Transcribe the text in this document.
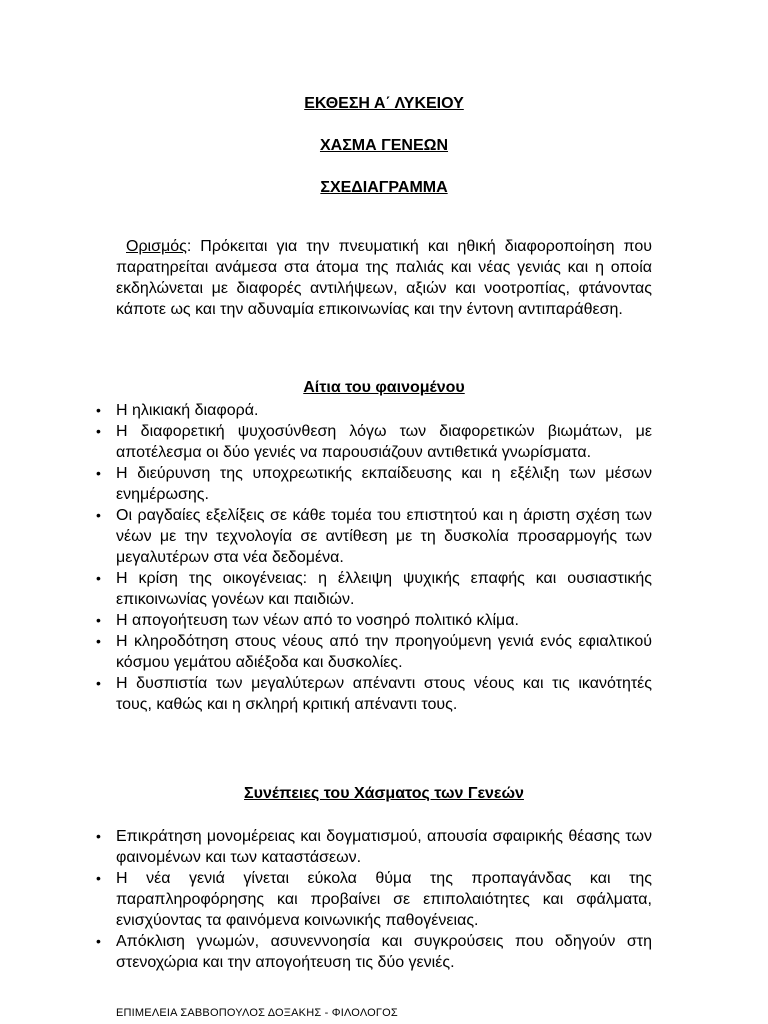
ΕΚΘΕΣΗ Α΄ ΛΥΚΕΙΟΥ
ΧΑΣΜΑ ΓΕΝΕΩΝ
ΣΧΕΔΙΑΓΡΑΜΜΑ

Ορισμός: Πρόκειται για την πνευματική και ηθική διαφοροποίηση που παρατηρείται ανάμεσα στα άτομα της παλιάς και νέας γενιάς και η οποία εκδηλώνεται με διαφορές αντιλήψεων, αξιών και νοοτροπίας, φτάνοντας κάποτε ως και την αδυναμία επικοινωνίας και την έντονη αντιπαράθεση.

Αίτια του φαινομένου
• Η ηλικιακή διαφορά.
• Η διαφορετική ψυχοσύνθεση λόγω των διαφορετικών βιωμάτων, με αποτέλεσμα οι δύο γενιές να παρουσιάζουν αντιθετικά γνωρίσματα.
• Η διεύρυνση της υποχρεωτικής εκπαίδευσης και η εξέλιξη των μέσων ενημέρωσης.
• Οι ραγδαίες εξελίξεις σε κάθε τομέα του επιστητού και η άριστη σχέση των νέων με την τεχνολογία σε αντίθεση με τη δυσκολία προσαρμογής των μεγαλυτέρων στα νέα δεδομένα.
• Η κρίση της οικογένειας: η έλλειψη ψυχικής επαφής και ουσιαστικής επικοινωνίας γονέων και παιδιών.
• Η απογοήτευση των νέων από το νοσηρό πολιτικό κλίμα.
• Η κληροδότηση στους νέους από την προηγούμενη γενιά ενός εφιαλτικού κόσμου γεμάτου αδιέξοδα και δυσκολίες.
• Η δυσπιστία των μεγαλύτερων απέναντι στους νέους και τις ικανότητές τους, καθώς και η σκληρή κριτική απέναντι τους.
Συνέπειες του Χάσματος των Γενεών
• Επικράτηση μονομέρειας και δογματισμού, απουσία σφαιρικής θέασης των φαινομένων και των καταστάσεων.
• Η νέα γενιά γίνεται εύκολα θύμα της προπαγάνδας και της παραπληροφόρησης και προβαίνει σε επιπολαιότητες και σφάλματα, ενισχύοντας τα φαινόμενα κοινωνικής παθογένειας.
• Απόκλιση γνωμών, ασυνεννοησία και συγκρούσεις που οδηγούν στη στενοχώρια και την απογοήτευση τις δύο γενιές.
ΕΠΙΜΕΛΕΙΑ ΣΑΒΒΟΠΟΥΛΟΣ ΔΟΞΑΚΗΣ - ΦΙΛΟΛΟΓΟΣ
